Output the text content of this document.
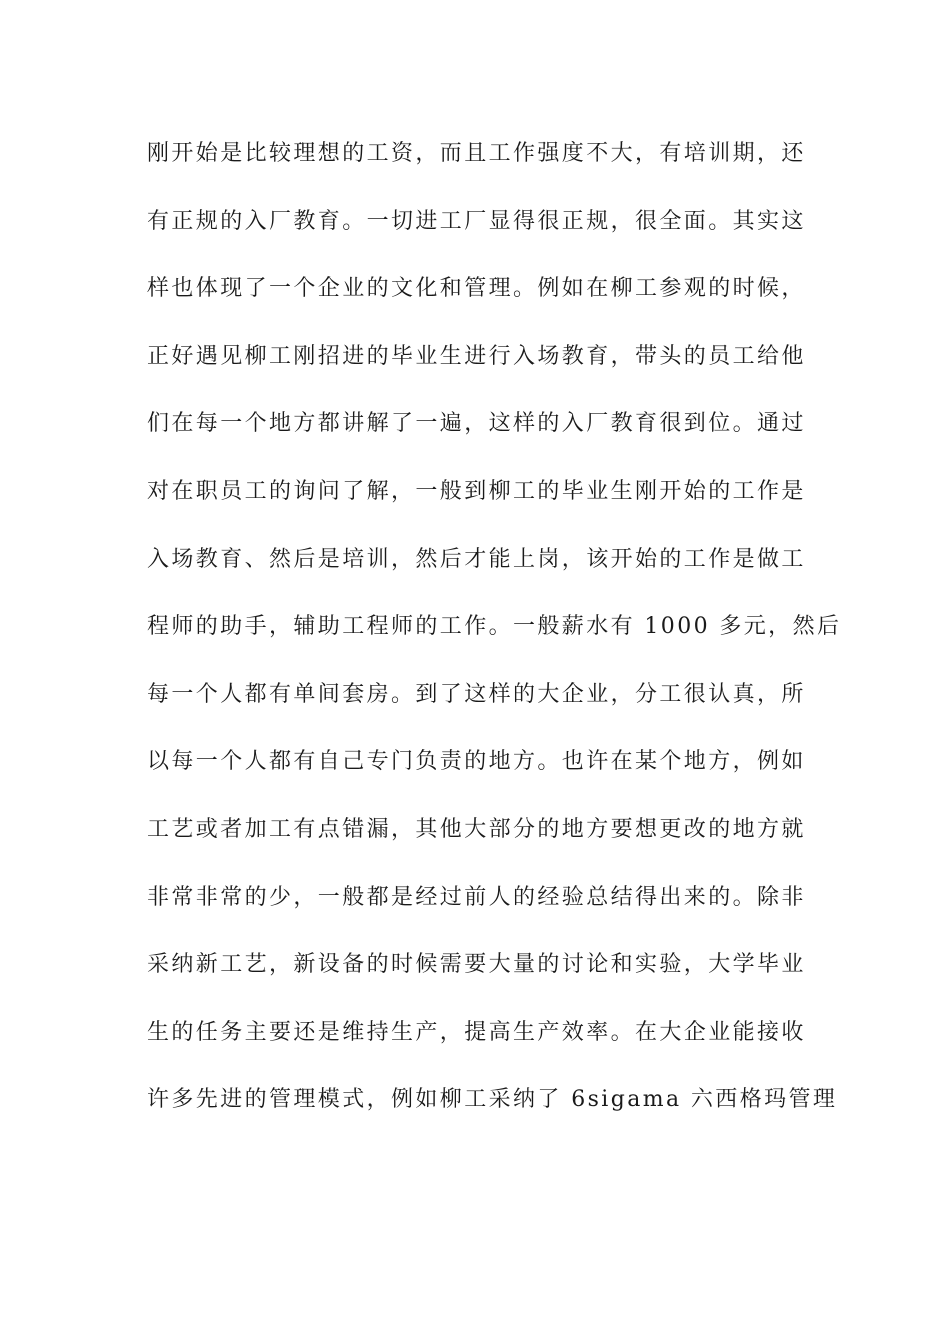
刚开始是比较理想的工资，而且工作强度不大，有培训期，还
有正规的入厂教育。一切进工厂显得很正规，很全面。其实这
样也体现了一个企业的文化和管理。例如在柳工参观的时候，
正好遇见柳工刚招进的毕业生进行入场教育，带头的员工给他
们在每一个地方都讲解了一遍，这样的入厂教育很到位。通过
对在职员工的询问了解，一般到柳工的毕业生刚开始的工作是
入场教育、然后是培训，然后才能上岗，该开始的工作是做工
程师的助手，辅助工程师的工作。一般薪水有 1000 多元，然后
每一个人都有单间套房。到了这样的大企业，分工很认真，所
以每一个人都有自己专门负责的地方。也许在某个地方，例如
工艺或者加工有点错漏，其他大部分的地方要想更改的地方就
非常非常的少，一般都是经过前人的经验总结得出来的。除非
采纳新工艺，新设备的时候需要大量的讨论和实验，大学毕业
生的任务主要还是维持生产，提高生产效率。在大企业能接收
许多先进的管理模式，例如柳工采纳了 6sigama 六西格玛管理
